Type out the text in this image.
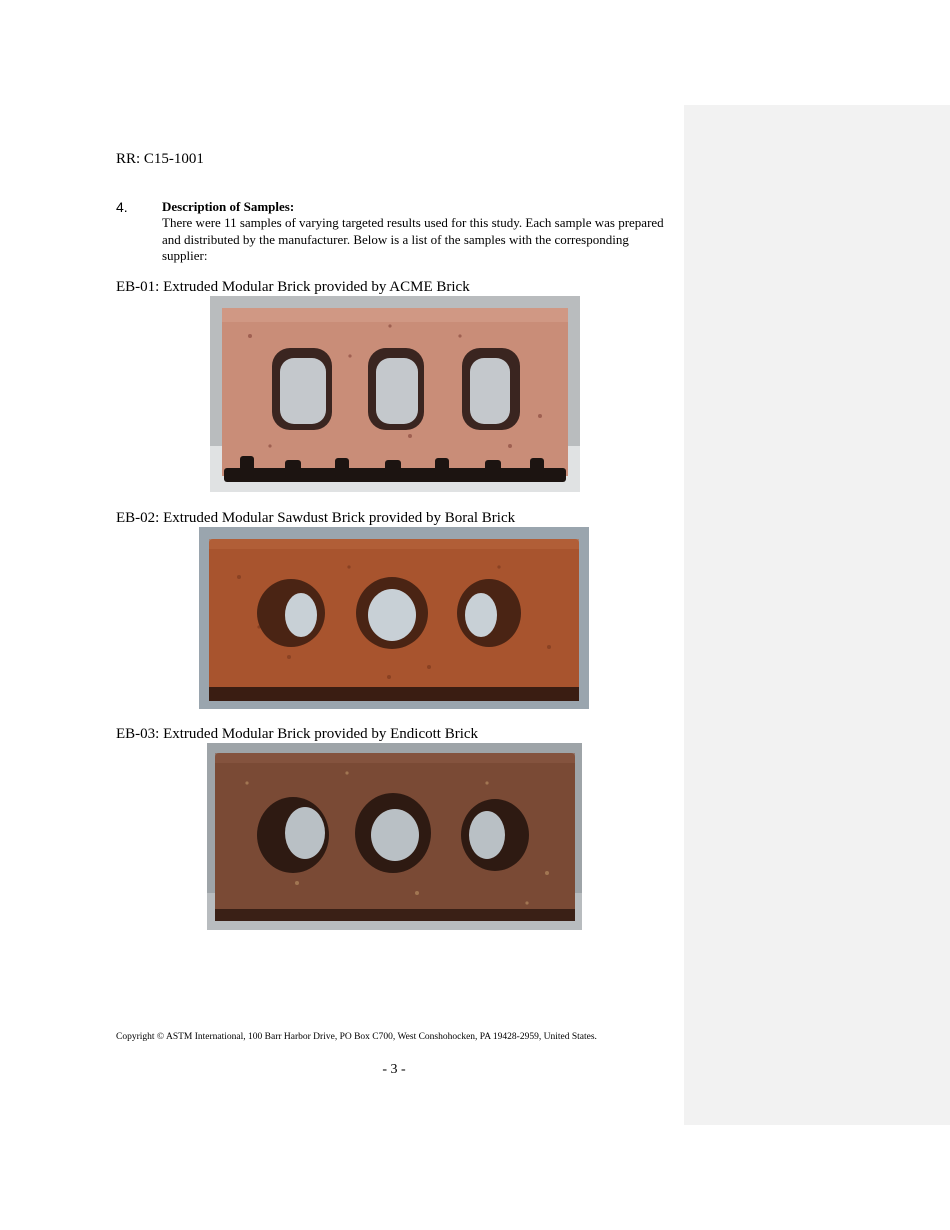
RR: C15-1001
4.	Description of Samples:
There were 11 samples of varying targeted results used for this study. Each sample was prepared and distributed by the manufacturer. Below is a list of the samples with the corresponding supplier:
EB-01: Extruded Modular Brick provided by ACME Brick
EB-02: Extruded Modular Sawdust Brick provided by Boral Brick
EB-03: Extruded Modular Brick provided by Endicott Brick
Copyright © ASTM International, 100 Barr Harbor Drive, PO Box C700, West Conshohocken, PA 19428-2959, United States.
- 3 -
